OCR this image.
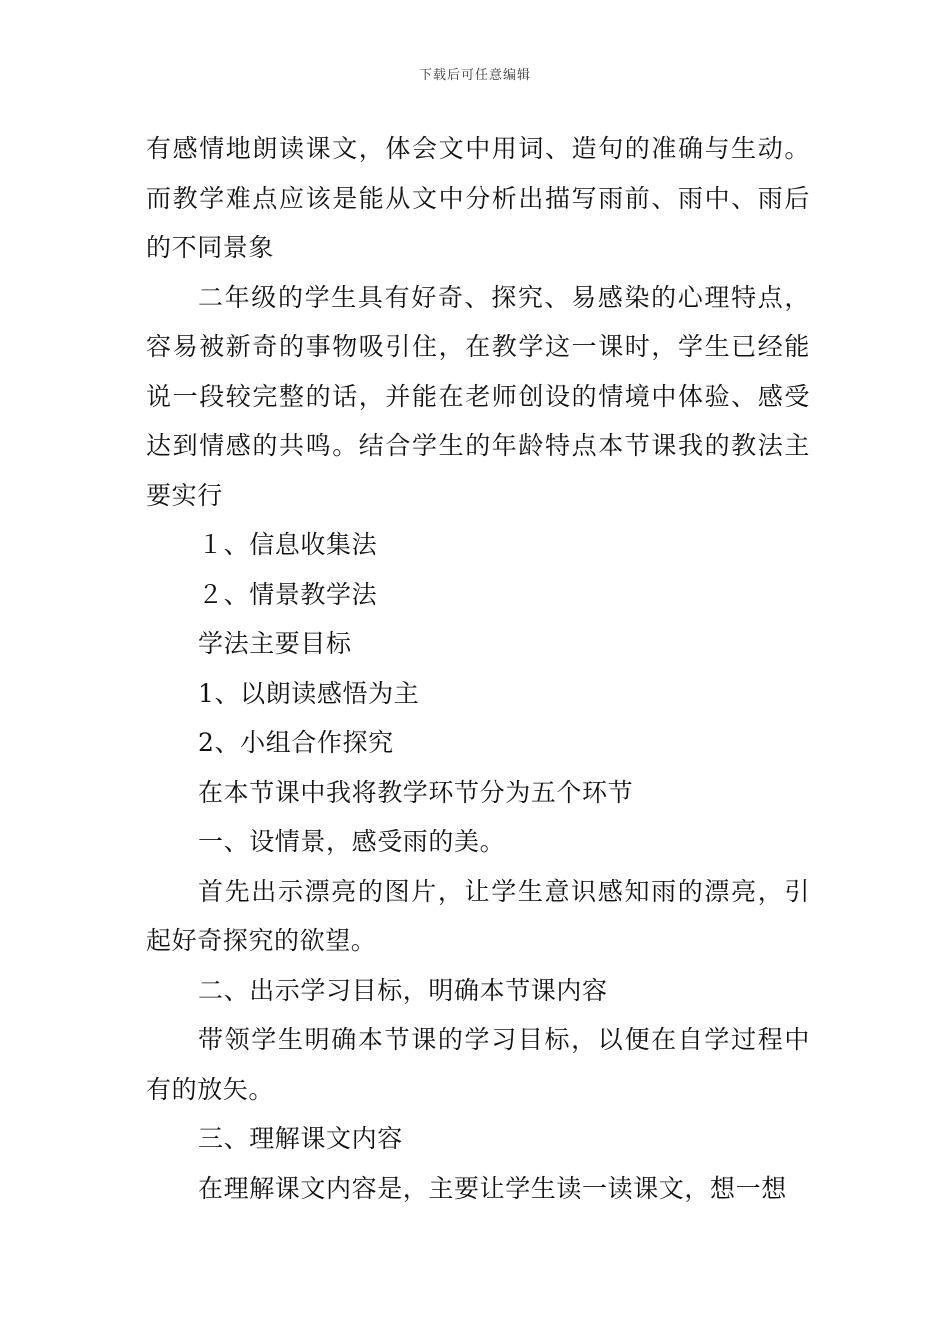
下载后可任意编辑

有感情地朗读课文，体会文中用词、造句的准确与生动。而教学难点应该是能从文中分析出描写雨前、雨中、雨后的不同景象

二年级的学生具有好奇、探究、易感染的心理特点，容易被新奇的事物吸引住，在教学这一课时，学生已经能说一段较完整的话，并能在老师创设的情境中体验、感受达到情感的共鸣。结合学生的年龄特点本节课我的教法主要实行

１、信息收集法

２、情景教学法

学法主要目标

1、以朗读感悟为主

2、小组合作探究

在本节课中我将教学环节分为五个环节

一、设情景，感受雨的美。

首先出示漂亮的图片，让学生意识感知雨的漂亮，引起好奇探究的欲望。

二、出示学习目标，明确本节课内容

带领学生明确本节课的学习目标，以便在自学过程中有的放矢。

三、理解课文内容

在理解课文内容是，主要让学生读一读课文，想一想
